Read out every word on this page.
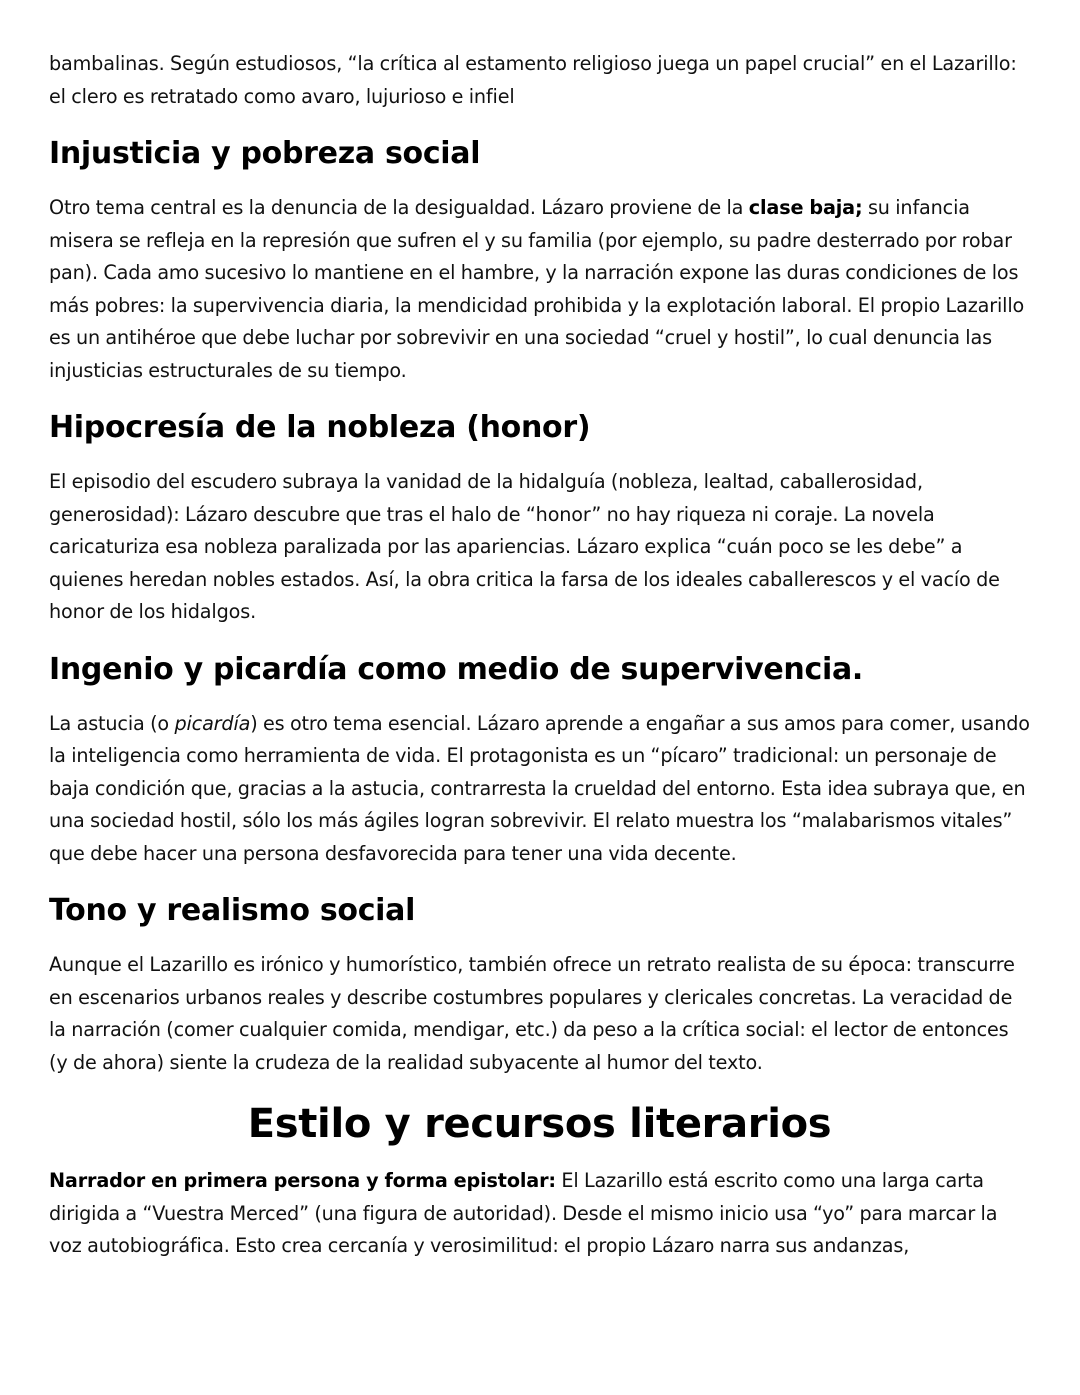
bambalinas. Según estudiosos, “la crítica al estamento religioso juega un papel crucial” en el Lazarillo: el clero es retratado como avaro, lujurioso e infiel

Injusticia y pobreza social

Otro tema central es la denuncia de la desigualdad. Lázaro proviene de la clase baja; su infancia misera se refleja en la represión que sufren el y su familia (por ejemplo, su padre desterrado por robar pan). Cada amo sucesivo lo mantiene en el hambre, y la narración expone las duras condiciones de los más pobres: la supervivencia diaria, la mendicidad prohibida y la explotación laboral. El propio Lazarillo es un antihéroe que debe luchar por sobrevivir en una sociedad “cruel y hostil”, lo cual denuncia las injusticias estructurales de su tiempo.

Hipocresía de la nobleza (honor)

El episodio del escudero subraya la vanidad de la hidalguía (nobleza, lealtad, caballerosidad, generosidad): Lázaro descubre que tras el halo de “honor” no hay riqueza ni coraje. La novela caricaturiza esa nobleza paralizada por las apariencias. Lázaro explica “cuán poco se les debe” a quienes heredan nobles estados. Así, la obra critica la farsa de los ideales caballerescos y el vacío de honor de los hidalgos.

Ingenio y picardía como medio de supervivencia.

La astucia (o picardía) es otro tema esencial. Lázaro aprende a engañar a sus amos para comer, usando la inteligencia como herramienta de vida. El protagonista es un “pícaro” tradicional: un personaje de baja condición que, gracias a la astucia, contrarresta la crueldad del entorno. Esta idea subraya que, en una sociedad hostil, sólo los más ágiles logran sobrevivir. El relato muestra los “malabarismos vitales” que debe hacer una persona desfavorecida para tener una vida decente.

Tono y realismo social

Aunque el Lazarillo es irónico y humorístico, también ofrece un retrato realista de su época: transcurre en escenarios urbanos reales y describe costumbres populares y clericales concretas. La veracidad de la narración (comer cualquier comida, mendigar, etc.) da peso a la crítica social: el lector de entonces (y de ahora) siente la crudeza de la realidad subyacente al humor del texto.

Estilo y recursos literarios

Narrador en primera persona y forma epistolar: El Lazarillo está escrito como una larga carta dirigida a “Vuestra Merced” (una figura de autoridad). Desde el mismo inicio usa “yo” para marcar la voz autobiográfica. Esto crea cercanía y verosimilitud: el propio Lázaro narra sus andanzas,
